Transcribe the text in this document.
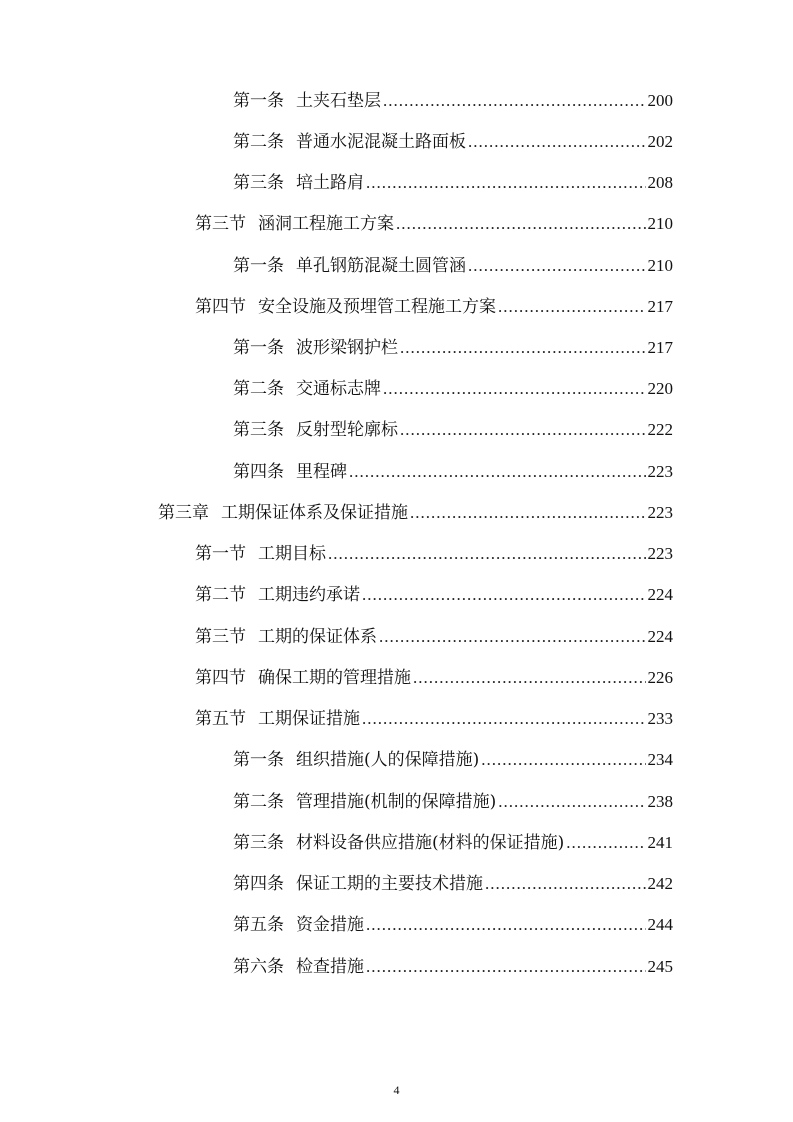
第一条 土夹石垫层 .....	200
第二条 普通水泥混凝土路面板 .....	202
第三条 培土路肩 .....	208
第三节 涵洞工程施工方案 .....	210
第一条 单孔钢筋混凝土圆管涵 .....	210
第四节 安全设施及预埋管工程施工方案 .....	217
第一条 波形梁钢护栏 .....	217
第二条 交通标志牌 .....	220
第三条 反射型轮廓标 .....	222
第四条 里程碑 .....	223
第三章 工期保证体系及保证措施 .....	223
第一节 工期目标 .....	223
第二节 工期违约承诺 .....	224
第三节 工期的保证体系 .....	224
第四节 确保工期的管理措施 .....	226
第五节 工期保证措施 .....	233
第一条 组织措施(人的保障措施) .....	234
第二条 管理措施(机制的保障措施) .....	238
第三条 材料设备供应措施(材料的保证措施) .....	241
第四条 保证工期的主要技术措施 .....	242
第五条 资金措施 .....	244
第六条 检查措施 .....	245
4
